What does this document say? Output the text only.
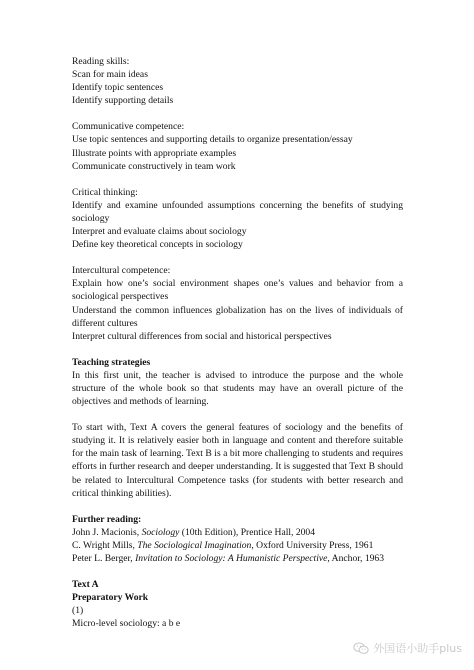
Reading skills:
Scan for main ideas
Identify topic sentences
Identify supporting details
Communicative competence:
Use topic sentences and supporting details to organize presentation/essay
Illustrate points with appropriate examples
Communicate constructively in team work
Critical thinking:
Identify and examine unfounded assumptions concerning the benefits of studying
sociology
Interpret and evaluate claims about sociology
Define key theoretical concepts in sociology
Intercultural competence:
Explain how one’s social environment shapes one’s values and behavior from a
sociological perspectives
Understand the common influences globalization has on the lives of individuals of
different cultures
Interpret cultural differences from social and historical perspectives
Teaching strategies
In this first unit, the teacher is advised to introduce the purpose and the whole
structure of the whole book so that students may have an overall picture of the
objectives and methods of learning.
To start with, Text A covers the general features of sociology and the benefits of
studying it. It is relatively easier both in language and content and therefore suitable
for the main task of learning. Text B is a bit more challenging to students and requires
efforts in further research and deeper understanding. It is suggested that Text B should
be related to Intercultural Competence tasks (for students with better research and
critical thinking abilities).
Further reading:
John J. Macionis, Sociology (10th Edition), Prentice Hall, 2004
C. Wright Mills, The Sociological Imagination, Oxford University Press, 1961
Peter L. Berger, Invitation to Sociology: A Humanistic Perspective, Anchor, 1963
Text A
Preparatory Work
(1)
Micro-level sociology: a b e
外国语小助手plus
